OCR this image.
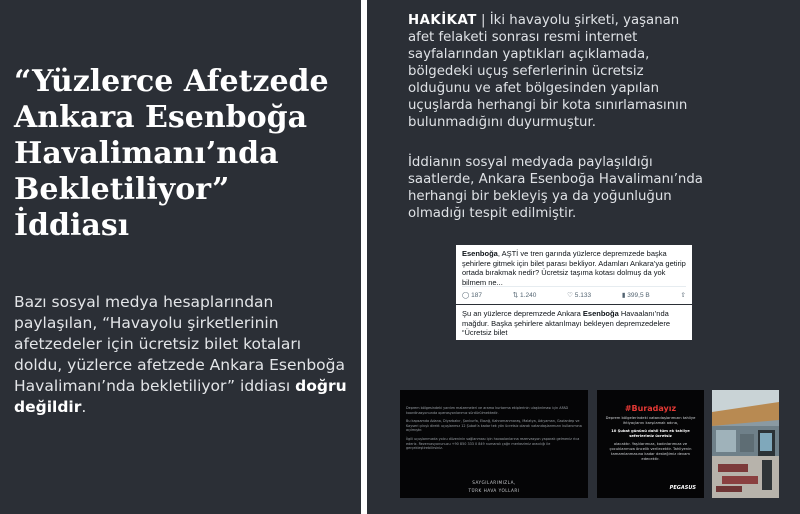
“Yüzlerce Afetzede
Ankara Esenboğa
Havalimanı’nda
Bekletiliyor”
İddiası

Bazı sosyal medya hesaplarından paylaşılan, “Havayolu şirketlerinin afetzedeler için ücretsiz bilet kotaları doldu, yüzlerce afetzede Ankara Esenboğa Havalimanı’nda bekletiliyor” iddiası doğru değildir.

HAKİKAT | İki havayolu şirketi, yaşanan afet felaketi sonrası resmi internet sayfalarından yaptıkları açıklamada, bölgedeki uçuş seferlerinin ücretsiz olduğunu ve afet bölgesinden yapılan uçuşlarda herhangi bir kota sınırlamasının bulunmadığını duyurmuştur.

İddianın sosyal medyada paylaşıldığı saatlerde, Ankara Esenboğa Havalimanı’nda herhangi bir bekleyiş ya da yoğunluğun olmadığı tespit edilmiştir.

Esenboğa, AŞTİ ve tren garında yüzlerce depremzede başka şehirlere gitmek için bilet parası bekliyor. Adamları Ankara’ya getirip ortada bırakmak nedir? Ücretsiz taşıma kotası dolmuş da yok bilmem ne...
◯ 187	⇅ 1.240	♡ 5.133	▮ 399,5 B	⇧
Şu an yüzlerce depremzede Ankara Esenboğa Havaalanı’nda mağdur. Başka şehirlere aktarılmayı bekleyen depremzedelere “Ücretsiz bilet

Deprem bölgesindeki yardım malzemeleri ve arama kurtarma ekiplerinin ulaştırılması için AFAD koordinasyonunda operasyonlarımız sürdürülmektedir.

Bu kapsamda Adana, Diyarbakır, Şanlıurfa, Elazığ, Kahramanmaraş, Malatya, Adıyaman, Gaziantep ve Kayseri çıkışlı direkt uçuşlarımız 12 Şubat’a kadar tek yön ücretsiz olarak vatandaşlarımızın kullanımına açılmıştır.

İlgili uçuşlarımızda yolcu düzeninin sağlanması için havaalanlarına rezervasyon yaparak gelmeniz rica ederiz. Rezervasyonunuzu +90 850 333 0 849 numaralı çağrı merkezimiz aracılığı ile gerçekleştirebilirsiniz.

SAYGILARIMIZLA,
TÜRK HAVA YOLLARI
#Buradayız

Deprem bölgelerindeki vatandaşlarımızın tahliye ihtiyaçlarını karşılamak adına,

10 Şubat gününü dahil tüm ek tahliye seferlerimiz ücretsiz

olacaktır. Yaşlılarımıza, kadınlarımıza ve çocuklarımıza öncelik verilecektir. Tahliyenin tamamlanmasına kadar desteğimiz devam edecektir.

PEGASUS
